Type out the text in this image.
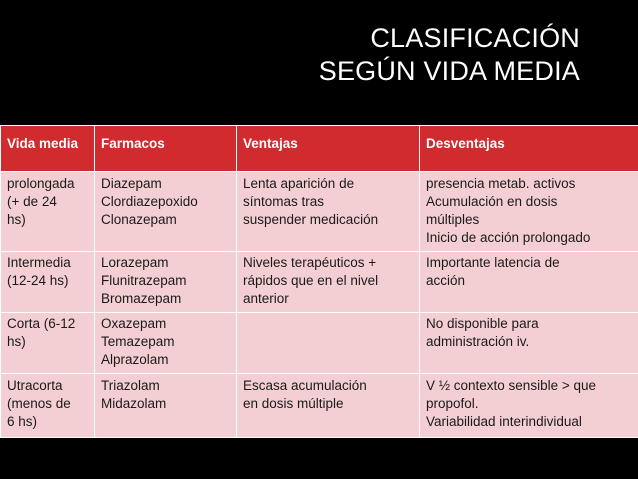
CLASIFICACIÓN
SEGÚN VIDA MEDIA
Vida media	Farmacos	Ventajas	Desventajas
prolongada
(+ de 24
hs)	Diazepam
Clordiazepoxido
Clonazepam	Lenta aparición de
síntomas tras
suspender medicación	presencia metab. activos
Acumulación en dosis
múltiples
Inicio de acción prolongado
Intermedia
(12-24 hs)	Lorazepam
Flunitrazepam
Bromazepam	Niveles terapéuticos +
rápidos que en el nivel
anterior	Importante latencia de
acción
Corta (6-12
hs)	Oxazepam
Temazepam
Alprazolam		No disponible para
administración iv.
Utracorta
(menos de
6 hs)	Triazolam
Midazolam	Escasa acumulación
en dosis múltiple	V ½ contexto sensible > que
propofol.
Variabilidad interindividual
